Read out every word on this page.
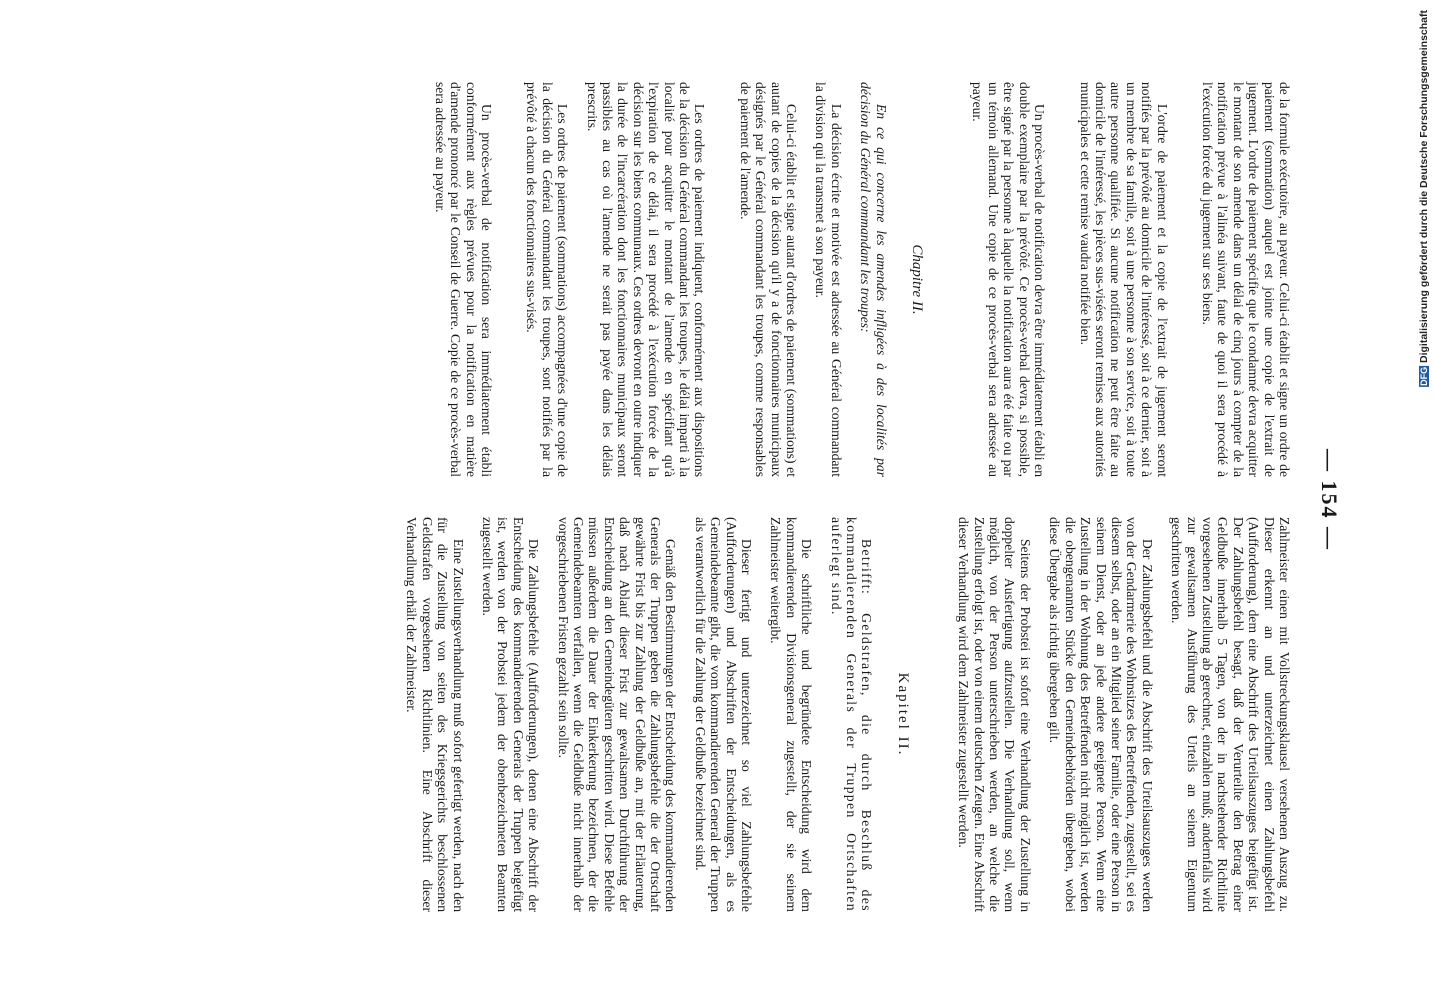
— 154 —

de la formule exécutoire, au payeur. Celui-ci établit et signe un ordre de paiement (sommation) auquel est jointe une copie de l'extrait de jugement. L'ordre de paiement spécifie que le condamné devra acquitter le montant de son amende dans un délai de cinq jours à compter de la notification prévue à l'alinéa suivant, faute de quoi il sera procédé à l'exécution forcée du jugement sur ses biens.

L'ordre de paiement et la copie de l'extrait de jugement seront notifiés par la prévôté au domicile de l'intéressé, soit à ce dernier, soit à un membre de sa famille, soit à une personne à son service, soit à toute autre personne qualifiée. Si aucune notification ne peut être faite au domicile de l'intéressé, les pièces sus-visées seront remises aux autorités municipales et cette remise vaudra notifiée bien.

Un procès-verbal de notification devra être immédiatement établi en double exemplaire par la prévôté. Ce procès-verbal devra, si possible, être signé par la personne à laquelle la notification aura été faite ou par un témoin allemand. Une copie de ce procès-verbal sera adressée au payeur.

Chapitre II.

En ce qui concerne les amendes infligées à des localités par décision du Général commandant les troupes:

La décision écrite et motivée est adressée au Général commandant la division qui la transmet à son payeur.

Celui-ci établit et signe autant d'ordres de paiement (sommations) et autant de copies de la décision qu'il y a de fonctionnaires municipaux désignés par le Général commandant les troupes, comme responsables de paiement de l'amende.

Les ordres de paiement indiquent, conformément aux dispositions de la décision du Général commandant les troupes, le délai imparti à la localité pour acquitter le montant de l'amende en spécifiant qu'à l'expiration de ce délai, il sera procédé à l'exécution forcée de la décision sur les biens communaux. Ces ordres devront en outre indiquer la durée de l'incarcération dont les fonctionnaires municipaux seront passibles au cas où l'amende ne serait pas payée dans les délais prescrits.

Les ordres de paiement (sommations) accompagnées d'une copie de la décision du Général commandant les troupes, sont notifiés par la prévôté à chacun des fonctionnaires sus-visés.

Un procès-verbal de notification sera immédiatement établi conformément aux règles prévues pour la notification en matière d'amende prononcé par le Conseil de Guerre. Copie de ce procès-verbal sera adressée au payeur.

Zahlmeister einen mit Vollstreckungsklausel versehenen Auszug zu. Dieser erkennt an und unterzeichnet einen Zahlungsbefehl (Aufforderung), dem eine Abschrift des Urteilsauszuges beigefügt ist. Der Zahlungsbefehl besagt, daß der Verurteilte den Betrag einer Geldbuße innerhalb 5 Tagen, von der in nachstehender Richtlinie vorgesehenen Zustellung ab gerechnet, einzahlen muß; andernfalls wird zur gewaltsamen Ausführung des Urteils an seinem Eigentum geschritten werden.

Der Zahlungsbefehl und die Abschrift des Urteilsauszuges werden von der Gendarmerie des Wohnsitzes des Betreffenden, zugestellt, sei es diesem selbst, oder an ein Mitglied seiner Familie, oder eine Person in seinem Dienst, oder an jede andere geeignete Person. Wenn eine Zustellung in der Wohnung des Betreffenden nicht möglich ist, werden die obengenannten Stücke den Gemeindebehörden übergeben, wobei diese Übergabe als richtig übergeben gilt.

Seitens der Probstei ist sofort eine Verhandlung der Zustellung in doppelter Ausfertigung aufzustellen. Die Verhandlung soll, wenn möglich, von der Person unterschrieben werden, an welche die Zustellung erfolgt ist, oder von einem deutschen Zeugen. Eine Abschrift dieser Verhandlung wird dem Zahlmeister zugestellt werden.

Kapitel II.

Betrifft: Geldstrafen, die durch Beschluß des kommandierenden Generals der Truppen Ortschaften auferlegt sind.

Die schriftliche und begründete Entscheidung wird dem kommandierenden Divisionsgeneral zugestellt, der sie seinem Zahlmeister weitergibt.

Dieser fertigt und unterzeichnet so viel Zahlungsbefehle (Aufforderungen) und Abschriften der Entscheidungen, als es Gemeindebeamte gibt, die vom kommandierenden General der Truppen als verantwortlich für die Zahlung der Geldbuße bezeichnet sind.

Gemäß den Bestimmungen der Entscheidung des kommandierenden Generals der Truppen geben die Zahlungsbefehle die der Ortschaft gewährte Frist bis zur Zahlung der Geldbuße an, mit der Erläuterung, daß nach Ablauf dieser Frist zur gewaltsamen Durchführung der Entscheidung an den Gemeindegütern geschritten wird. Diese Befehle müssen außerdem die Dauer der Einkerkerung bezeichnen, der die Gemeindebeamten verfallen, wenn die Geldbuße nicht innerhalb der vorgeschriebenen Fristen gezahlt sein sollte.

Die Zahlungsbefehle (Aufforderungen), denen eine Abschrift der Entscheidung des kommandierenden Generals der Truppen beigefügt ist, werden von der Probstei jedem der obenbezeichneten Beamten zugestellt werden.

Eine Zustellungsverhandlung muß sofort gefertigt werden, nach den für die Zustellung von seiten des Kriegsgerichts beschlossenen Geldstrafen vorgesehenen Richtlinien. Eine Abschrift dieser Verhandlung erhält der Zahlmeister.

DFG Digitalisierung gefördert durch die Deutsche Forschungsgemeinschaft
